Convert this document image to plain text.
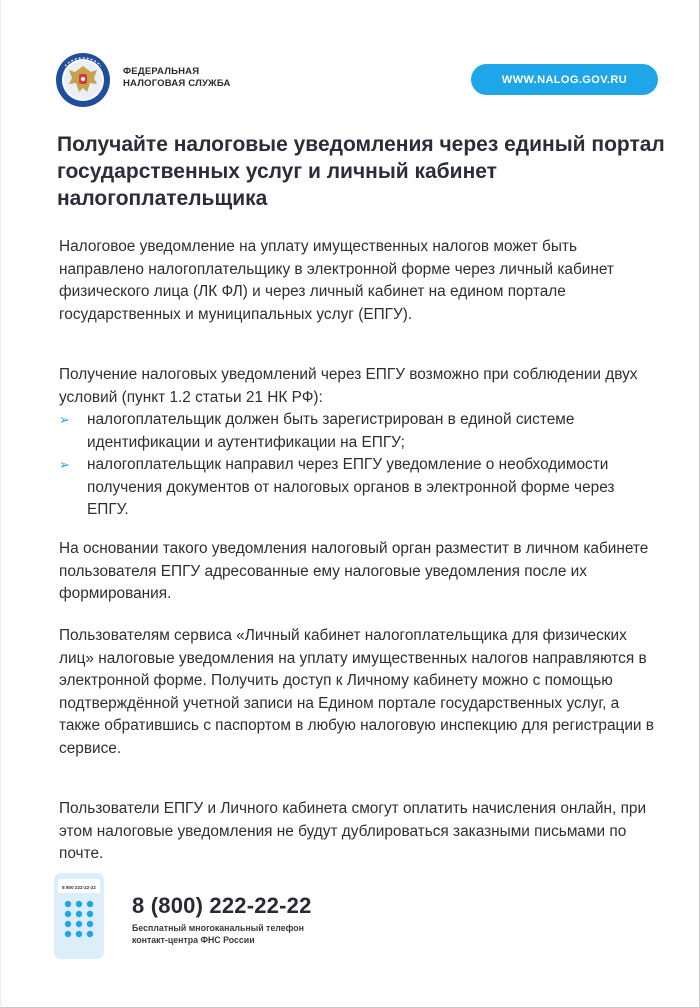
ФЕДЕРАЛЬНАЯ
НАЛОГОВАЯ СЛУЖБА	WWW.NALOG.GOV.RU
Получайте налоговые уведомления через единый портал государственных услуг и личный кабинет налогоплательщика

Налоговое уведомление на уплату имущественных налогов может быть направлено налогоплательщику в электронной форме через личный кабинет физического лица (ЛК ФЛ) и через личный кабинет на едином портале государственных и муниципальных услуг (ЕПГУ).

Получение налоговых уведомлений через ЕПГУ возможно при соблюдении двух условий (пункт 1.2 статьи 21 НК РФ):

➢ налогоплательщик должен быть зарегистрирован в единой системе идентификации и аутентификации на ЕПГУ;
➢ налогоплательщик направил через ЕПГУ уведомление о необходимости получения документов от налоговых органов в электронной форме через ЕПГУ.

На основании такого уведомления налоговый орган разместит в личном кабинете пользователя ЕПГУ адресованные ему налоговые уведомления после их формирования.

Пользователям сервиса «Личный кабинет налогоплательщика для физических лиц» налоговые уведомления на уплату имущественных налогов направляются в электронной форме. Получить доступ к Личному кабинету можно с помощью подтверждённой учетной записи на Едином портале государственных услуг, а также обратившись с паспортом в любую налоговую инспекцию для регистрации в сервисе.

Пользователи ЕПГУ и Личного кабинета смогут оплатить начисления онлайн, при этом налоговые уведомления не будут дублироваться заказными письмами по почте.

8 800 222-22-22
8 (800) 222-22-22
Бесплатный многоканальный телефон
контакт-центра ФНС России
